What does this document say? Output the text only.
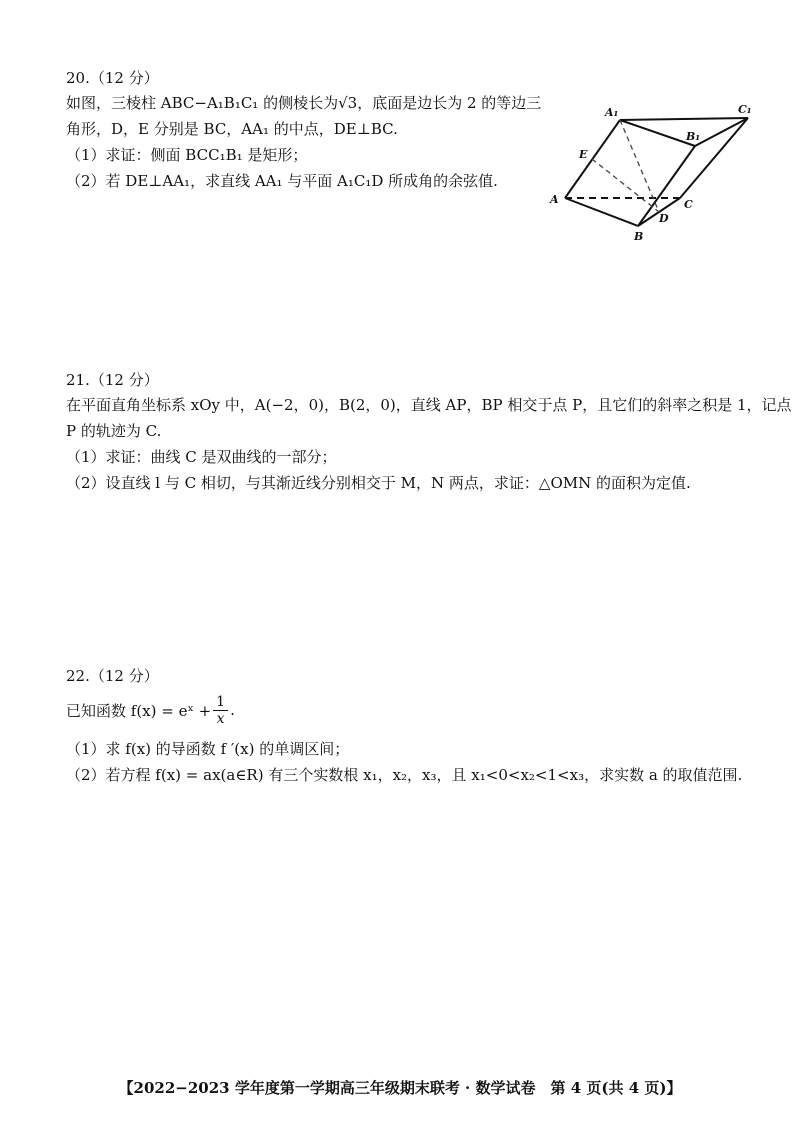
20.（12 分）
如图，三棱柱 ABC−A₁B₁C₁ 的侧棱长为√3，底面是边长为 2 的等边三
角形，D，E 分别是 BC，AA₁ 的中点，DE⊥BC.
（1）求证：侧面 BCC₁B₁ 是矩形；
（2）若 DE⊥AA₁，求直线 AA₁ 与平面 A₁C₁D 所成角的余弦值.
A₁	C₁
B₁
E
A
D
C
B
21.（12 分）
在平面直角坐标系 xOy 中，A(−2，0)，B(2，0)，直线 AP，BP 相交于点 P，且它们的斜率之积是 1，记点
P 的轨迹为 C.
（1）求证：曲线 C 是双曲线的一部分；
（2）设直线 l 与 C 相切，与其渐近线分别相交于 M，N 两点，求证：△OMN 的面积为定值.
22.（12 分）
已知函数 f(x) = eˣ + $\frac{1}{x}$ .
（1）求 f(x) 的导函数 f ′(x) 的单调区间；
（2）若方程 f(x) = ax(a∈R) 有三个实数根 x₁，x₂，x₃，且 x₁<0<x₂<1<x₃，求实数 a 的取值范围.
【2022−2023 学年度第一学期高三年级期末联考 · 数学试卷　第 4 页(共 4 页)】
